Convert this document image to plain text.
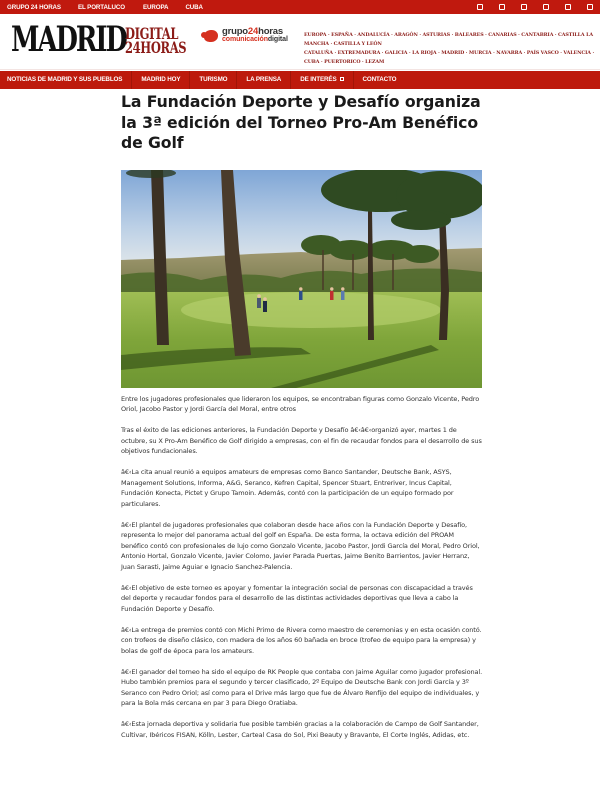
GRUPO 24 HORAS	EL PORTALUCO	EUROPA	CUBA
MADRID DIGITAL
24HORAS
grupo24horas
comunicacióndigital
EUROPA · ESPAÑA · ANDALUCÍA · ARAGÓN · ASTURIAS · BALEARES · CANARIAS · CANTABRIA · CASTILLA LA MANCHA · CASTILLA Y LEÓN
CATALUÑA · EXTREMADURA · GALICIA · LA RIOJA · MADRID · MURCIA · NAVARRA · PAÍS VASCO · VALENCIA · CUBA · PUERTORICO · LEZAM
NOTICIAS DE MADRID Y SUS PUEBLOS	MADRID HOY	TURISMO	LA PRENSA	DE INTERÉS	CONTACTO
La Fundación Deporte y Desafío organiza la 3ª edición del Torneo Pro-Am Benéfico de Golf

Entre los jugadores profesionales que lideraron los equipos, se encontraban figuras como Gonzalo Vicente, Pedro Oriol, Jacobo Pastor y Jordi García del Moral, entre otros

Tras el éxito de las ediciones anteriores, la Fundación Deporte y Desafío â€‹â€‹organizó ayer, martes 1 de octubre, su X Pro-Am Benéfico de Golf dirigido a empresas, con el fin de recaudar fondos para el desarrollo de sus objetivos fundacionales.

â€‹La cita anual reunió a equipos amateurs de empresas como Banco Santander, Deutsche Bank, ASYS, Management Solutions, Informa, A&G, Seranco, Kefren Capital, Spencer Stuart, Entreriver, Incus Capital, Fundación Konecta, Pictet y Grupo Tamoin. Además, contó con la participación de un equipo formado por particulares.

â€‹El plantel de jugadores profesionales que colaboran desde hace años con la Fundación Deporte y Desafío, representa lo mejor del panorama actual del golf en España. De esta forma, la octava edición del PROAM benéfico contó con profesionales de lujo como Gonzalo Vicente, Jacobo Pastor, Jordi García del Moral, Pedro Oriol, Antonio Hortal, Gonzalo Vicente, Javier Colomo, Javier Parada Puertas, Jaime Benito Barrientos, Javier Herranz, Juan Sarasti, Jaime Aguiar e Ignacio Sanchez-Palencia.

â€‹El objetivo de este torneo es apoyar y fomentar la integración social de personas con discapacidad a través del deporte y recaudar fondos para el desarrollo de las distintas actividades deportivas que lleva a cabo la Fundación Deporte y Desafío.

â€‹La entrega de premios contó con Michi Primo de Rivera como maestro de ceremonias y en esta ocasión contó. con trofeos de diseño clásico, con madera de los años 60 bañada en broce (trofeo de equipo para la empresa) y bolas de golf de época para los amateurs.

â€‹El ganador del torneo ha sido el equipo de RK People que contaba con Jaime Aguilar como jugador profesional. Hubo también premios para el segundo y tercer clasificado, 2º Equipo de Deutsche Bank con Jordi García y 3º Seranco con Pedro Oriol; así como para el Drive más largo que fue de Álvaro Renfijo del equipo de individuales, y para la Bola más cercana en par 3 para Diego Oratiaba.

â€‹Esta jornada deportiva y solidaria fue posible también gracias a la colaboración de Campo de Golf Santander, Cultivar, Ibéricos FISAN, Kölln, Lester, Carteal Casa do Sol, Pixi Beauty y Bravante, El Corte Inglés, Adidas, etc.
